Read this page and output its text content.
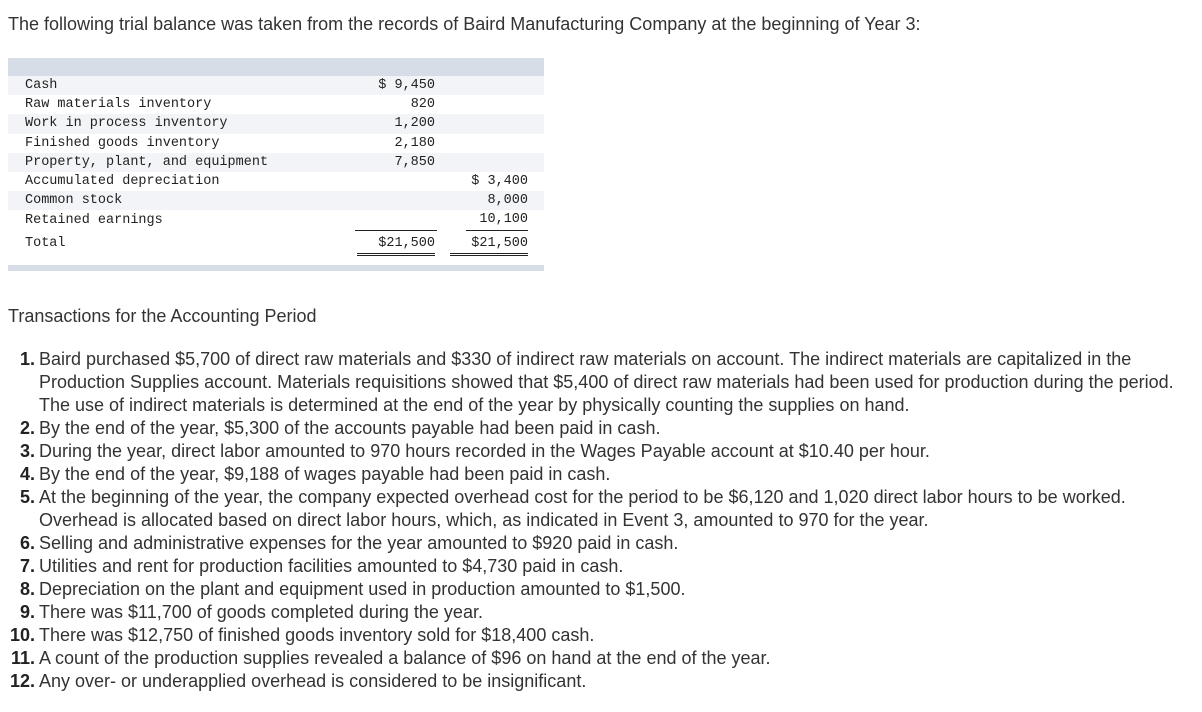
The following trial balance was taken from the records of Baird Manufacturing Company at the beginning of Year 3:

Cash	$ 9,450		
Raw materials inventory	820		
Work in process inventory	1,200		
Finished goods inventory	2,180		
Property, plant, and equipment	7,850		
Accumulated depreciation			$ 3,400
Common stock			8,000
Retained earnings			10,100
Total	$21,500		$21,500

Transactions for the Accounting Period

1. Baird purchased $5,700 of direct raw materials and $330 of indirect raw materials on account. The indirect materials are capitalized in the Production Supplies account. Materials requisitions showed that $5,400 of direct raw materials had been used for production during the period. The use of indirect materials is determined at the end of the year by physically counting the supplies on hand.
2. By the end of the year, $5,300 of the accounts payable had been paid in cash.
3. During the year, direct labor amounted to 970 hours recorded in the Wages Payable account at $10.40 per hour.
4. By the end of the year, $9,188 of wages payable had been paid in cash.
5. At the beginning of the year, the company expected overhead cost for the period to be $6,120 and 1,020 direct labor hours to be worked. Overhead is allocated based on direct labor hours, which, as indicated in Event 3, amounted to 970 for the year.
6. Selling and administrative expenses for the year amounted to $920 paid in cash.
7. Utilities and rent for production facilities amounted to $4,730 paid in cash.
8. Depreciation on the plant and equipment used in production amounted to $1,500.
9. There was $11,700 of goods completed during the year.
10. There was $12,750 of finished goods inventory sold for $18,400 cash.
11. A count of the production supplies revealed a balance of $96 on hand at the end of the year.
12. Any over- or underapplied overhead is considered to be insignificant.
